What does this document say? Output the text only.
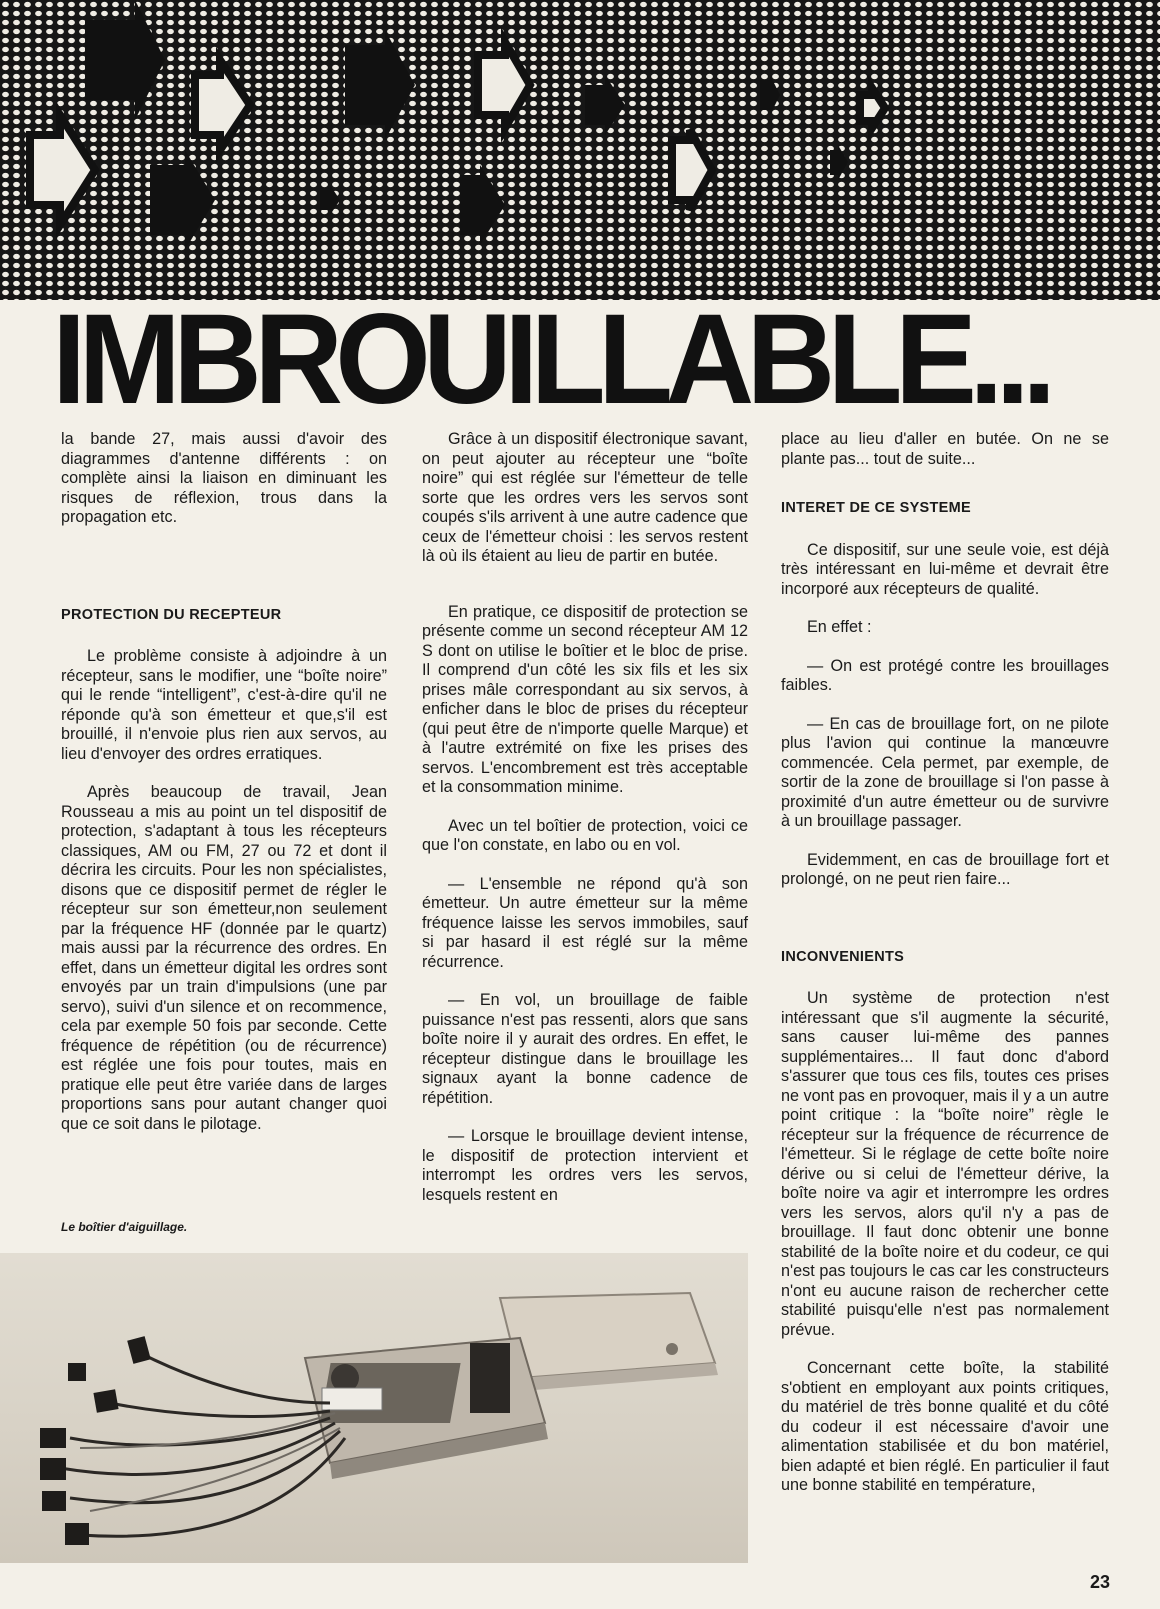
IMBROUILLABLE...

la bande 27, mais aussi d'avoir des diagrammes d'antenne différents : on complète ainsi la liaison en diminuant les risques de réflexion, trous dans la propagation etc.

PROTECTION DU RECEPTEUR

Le problème consiste à adjoindre à un récepteur, sans le modifier, une “boîte noire” qui le rende “intelligent”, c'est-à-dire qu'il ne réponde qu'à son émetteur et que,s'il est brouillé, il n'envoie plus rien aux servos, au lieu d'envoyer des ordres erratiques.

Après beaucoup de travail, Jean Rousseau a mis au point un tel dispositif de protection, s'adaptant à tous les récepteurs classiques, AM ou FM, 27 ou 72 et dont il décrira les circuits. Pour les non spécialistes, disons que ce dispositif permet de régler le récepteur sur son émetteur,non seulement par la fréquence HF (donnée par le quartz) mais aussi par la récurrence des ordres. En effet, dans un émetteur digital les ordres sont envoyés par un train d'impulsions (une par servo), suivi d'un silence et on recommence, cela par exemple 50 fois par seconde. Cette fréquence de répétition (ou de récurrence) est réglée une fois pour toutes, mais en pratique elle peut être variée dans de larges proportions sans pour autant changer quoi que ce soit dans le pilotage.

Le boîtier d'aiguillage.

Grâce à un dispositif électronique savant, on peut ajouter au récepteur une “boîte noire” qui est réglée sur l'émetteur de telle sorte que les ordres vers les servos sont coupés s'ils arrivent à une autre cadence que ceux de l'émetteur choisi : les servos restent là où ils étaient au lieu de partir en butée.

En pratique, ce dispositif de protection se présente comme un second récepteur AM 12 S dont on utilise le boîtier et le bloc de prise. Il comprend d'un côté les six fils et les six prises mâle correspondant au six servos, à enficher dans le bloc de prises du récepteur (qui peut être de n'importe quelle Marque) et à l'autre extrémité on fixe les prises des servos. L'encombrement est très acceptable et la consommation minime.

Avec un tel boîtier de protection, voici ce que l'on constate, en labo ou en vol.

— L'ensemble ne répond qu'à son émetteur. Un autre émetteur sur la même fréquence laisse les servos immobiles, sauf si par hasard il est réglé sur la même récurrence.

— En vol, un brouillage de faible puissance n'est pas ressenti, alors que sans boîte noire il y aurait des ordres. En effet, le récepteur distingue dans le brouillage les signaux ayant la bonne cadence de répétition.

— Lorsque le brouillage devient intense, le dispositif de protection intervient et interrompt les ordres vers les servos, lesquels restent en

place au lieu d'aller en butée. On ne se plante pas... tout de suite...

INTERET DE CE SYSTEME

Ce dispositif, sur une seule voie, est déjà très intéressant en lui-même et devrait être incorporé aux récepteurs de qualité.

En effet :

— On est protégé contre les brouillages faibles.

— En cas de brouillage fort, on ne pilote plus l'avion qui continue la manœuvre commencée. Cela permet, par exemple, de sortir de la zone de brouillage si l'on passe à proximité d'un autre émetteur ou de survivre à un brouillage passager.

Evidemment, en cas de brouillage fort et prolongé, on ne peut rien faire...

INCONVENIENTS

Un système de protection n'est intéressant que s'il augmente la sécurité, sans causer lui-même des pannes supplémentaires... Il faut donc d'abord s'assurer que tous ces fils, toutes ces prises ne vont pas en provoquer, mais il y a un autre point critique : la “boîte noire” règle le récepteur sur la fréquence de récurrence de l'émetteur. Si le réglage de cette boîte noire dérive ou si celui de l'émetteur dérive, la boîte noire va agir et interrompre les ordres vers les servos, alors qu'il n'y a pas de brouillage. Il faut donc obtenir une bonne stabilité de la boîte noire et du codeur, ce qui n'est pas toujours le cas car les constructeurs n'ont eu aucune raison de rechercher cette stabilité puisqu'elle n'est pas normalement prévue.

Concernant cette boîte, la stabilité s'obtient en employant aux points critiques, du matériel de très bonne qualité et du côté du codeur il est nécessaire d'avoir une alimentation stabilisée et du bon matériel, bien adapté et bien réglé. En particulier il faut une bonne stabilité en température,

23
